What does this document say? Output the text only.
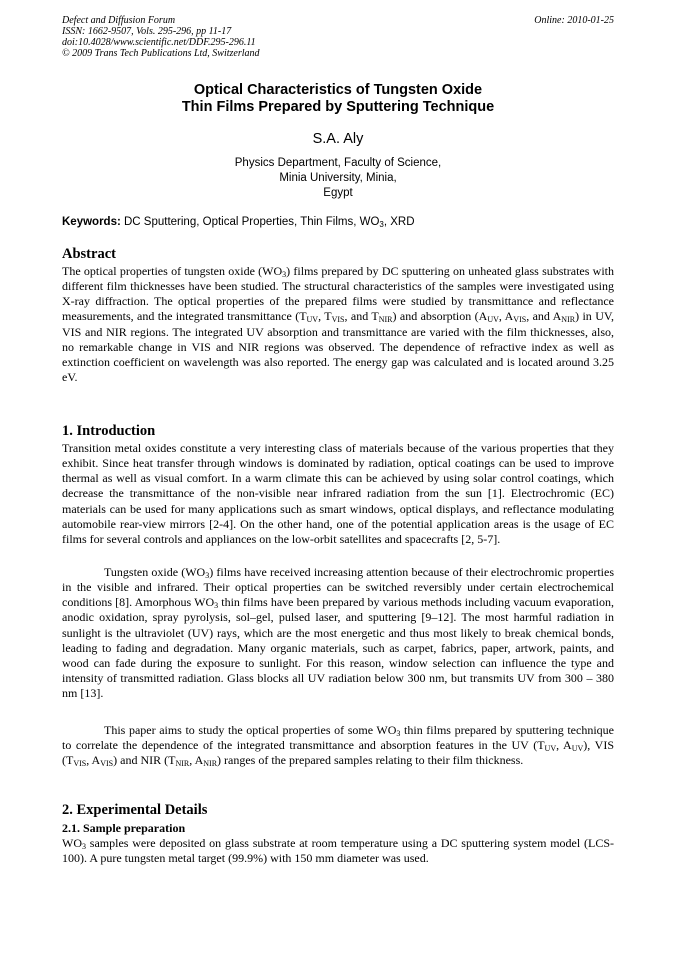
Defect and Diffusion Forum
ISSN: 1662-9507, Vols. 295-296, pp 11-17
doi:10.4028/www.scientific.net/DDF.295-296.11
© 2009 Trans Tech Publications Ltd, Switzerland
Online: 2010-01-25
Optical Characteristics of Tungsten Oxide
Thin Films Prepared by Sputtering Technique
S.A. Aly
Physics Department, Faculty of Science,
Minia University, Minia,
Egypt
Keywords: DC Sputtering, Optical Properties, Thin Films, $WO_3$, XRD
Abstract
The optical properties of tungsten oxide $(WO_3)$ films prepared by DC sputtering on unheated glass substrates with different film thicknesses have been studied. The structural characteristics of the samples were investigated using X-ray diffraction. The optical properties of the prepared films were studied by transmittance and reflectance measurements, and the integrated transmittance ($T_{UV}$, $T_{VIS}$, and $T_{NIR}$) and absorption ($A_{UV}$, $A_{VIS}$, and $A_{NIR}$) in UV, VIS and NIR regions. The integrated UV absorption and transmittance are varied with the film thicknesses, also, no remarkable change in VIS and NIR regions was observed. The dependence of refractive index as well as extinction coefficient on wavelength was also reported. The energy gap was calculated and is located around 3.25 eV.
1. Introduction
Transition metal oxides constitute a very interesting class of materials because of the various properties that they exhibit. Since heat transfer through windows is dominated by radiation, optical coatings can be used to improve thermal as well as visual comfort. In a warm climate this can be achieved by using solar control coatings, which decrease the transmittance of the non-visible near infrared radiation from the sun [1]. Electrochromic (EC) materials can be used for many applications such as smart windows, optical displays, and reflectance modulating automobile rear-view mirrors [2-4]. On the other hand, one of the potential application areas is the usage of EC films for several controls and appliances on the low-orbit satellites and spacecrafts [2, 5-7].
Tungsten oxide $(WO_3)$ films have received increasing attention because of their electrochromic properties in the visible and infrared. Their optical properties can be switched reversibly under certain electrochemical conditions [8]. Amorphous $WO_3$ thin films have been prepared by various methods including vacuum evaporation, anodic oxidation, spray pyrolysis, sol–gel, pulsed laser, and sputtering [9–12]. The most harmful radiation in sunlight is the ultraviolet (UV) rays, which are the most energetic and thus most likely to break chemical bonds, leading to fading and degradation. Many organic materials, such as carpet, fabrics, paper, artwork, paints, and wood can fade during the exposure to sunlight. For this reason, window selection can influence the type and intensity of transmitted radiation. Glass blocks all UV radiation below 300 nm, but transmits UV from 300 – 380 nm [13].
This paper aims to study the optical properties of some $WO_3$ thin films prepared by sputtering technique to correlate the dependence of the integrated transmittance and absorption features in the UV ($T_{UV}$, $A_{UV}$), VIS ($T_{VIS}$, $A_{VIS}$) and NIR ($T_{NIR}$, $A_{NIR}$) ranges of the prepared samples relating to their film thickness.
2. Experimental Details
2.1. Sample preparation
$WO_3$ samples were deposited on glass substrate at room temperature using a DC sputtering system model (LCS-100). A pure tungsten metal target (99.9%) with 150 mm diameter was used.
